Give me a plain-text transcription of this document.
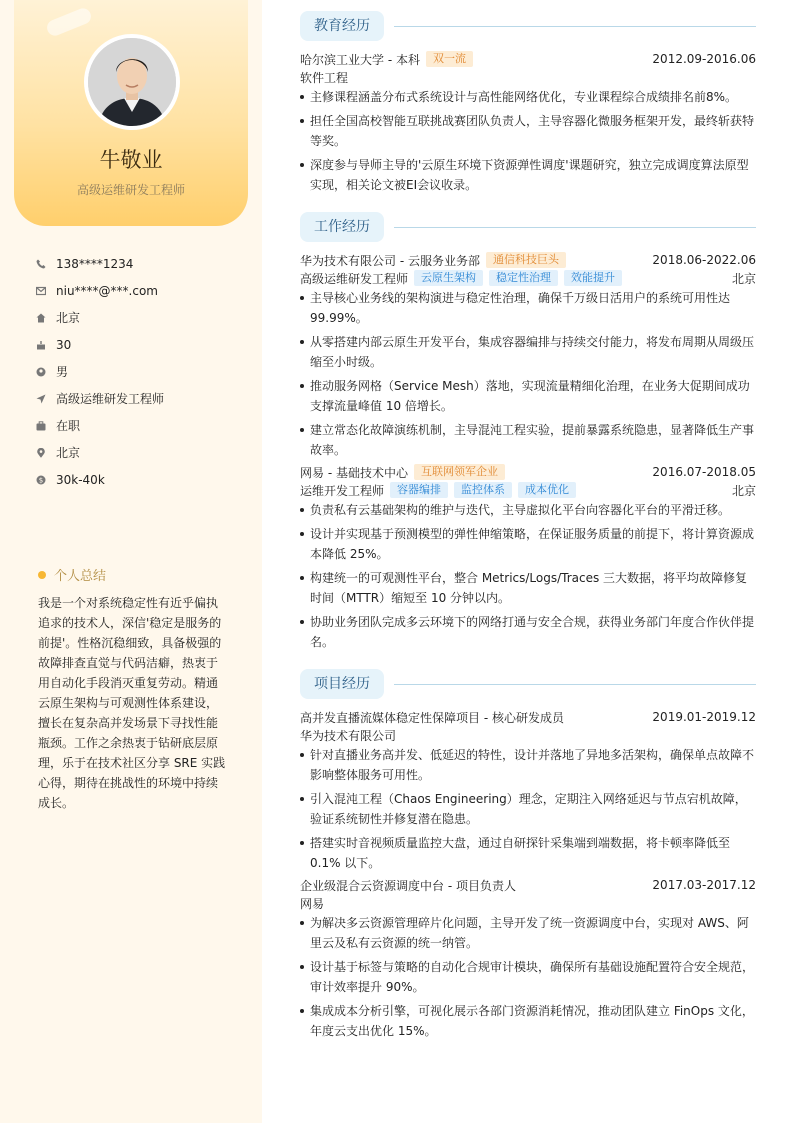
牛敬业
高级运维研发工程师
138****1234
niu****@***.com
北京
30
男
高级运维研发工程师
在职
北京
$ 30k-40k
个人总结

我是一个对系统稳定性有近乎偏执追求的技术人，深信'稳定是服务的前提'。性格沉稳细致，具备极强的故障排查直觉与代码洁癖，热衷于用自动化手段消灭重复劳动。精通云原生架构与可观测性体系建设，擅长在复杂高并发场景下寻找性能瓶颈。工作之余热衷于钻研底层原理，乐于在技术社区分享 SRE 实践心得，期待在挑战性的环境中持续成长。

教育经历
哈尔滨工业大学 - 本科	双一流	2012.09-2016.06
软件工程
主修课程涵盖分布式系统设计与高性能网络优化，专业课程综合成绩排名前8%。
担任全国高校智能互联挑战赛团队负责人，主导容器化微服务框架开发，最终斩获特等奖。
深度参与导师主导的'云原生环境下资源弹性调度'课题研究，独立完成调度算法原型实现，相关论文被EI会议收录。
工作经历
华为技术有限公司 - 云服务业务部	通信科技巨头	2018.06-2022.06
高级运维研发工程师	云原生架构	稳定性治理	效能提升	北京
主导核心业务线的架构演进与稳定性治理，确保千万级日活用户的系统可用性达 99.99%。
从零搭建内部云原生开发平台，集成容器编排与持续交付能力，将发布周期从周级压缩至小时级。
推动服务网格（Service Mesh）落地，实现流量精细化治理，在业务大促期间成功支撑流量峰值 10 倍增长。
建立常态化故障演练机制，主导混沌工程实验，提前暴露系统隐患，显著降低生产事故率。
网易 - 基础技术中心	互联网领军企业	2016.07-2018.05
运维开发工程师	容器编排	监控体系	成本优化	北京
负责私有云基础架构的维护与迭代，主导虚拟化平台向容器化平台的平滑迁移。
设计并实现基于预测模型的弹性伸缩策略，在保证服务质量的前提下，将计算资源成本降低 25%。
构建统一的可观测性平台，整合 Metrics/Logs/Traces 三大数据，将平均故障修复时间（MTTR）缩短至 10 分钟以内。
协助业务团队完成多云环境下的网络打通与安全合规，获得业务部门年度合作伙伴提名。
项目经历
高并发直播流媒体稳定性保障项目 - 核心研发成员	2019.01-2019.12
华为技术有限公司
针对直播业务高并发、低延迟的特性，设计并落地了异地多活架构，确保单点故障不影响整体服务可用性。
引入混沌工程（Chaos Engineering）理念，定期注入网络延迟与节点宕机故障，验证系统韧性并修复潜在隐患。
搭建实时音视频质量监控大盘，通过自研探针采集端到端数据，将卡顿率降低至 0.1% 以下。
企业级混合云资源调度中台 - 项目负责人	2017.03-2017.12
网易
为解决多云资源管理碎片化问题，主导开发了统一资源调度中台，实现对 AWS、阿里云及私有云资源的统一纳管。
设计基于标签与策略的自动化合规审计模块，确保所有基础设施配置符合安全规范，审计效率提升 90%。
集成成本分析引擎，可视化展示各部门资源消耗情况，推动团队建立 FinOps 文化，年度云支出优化 15%。
